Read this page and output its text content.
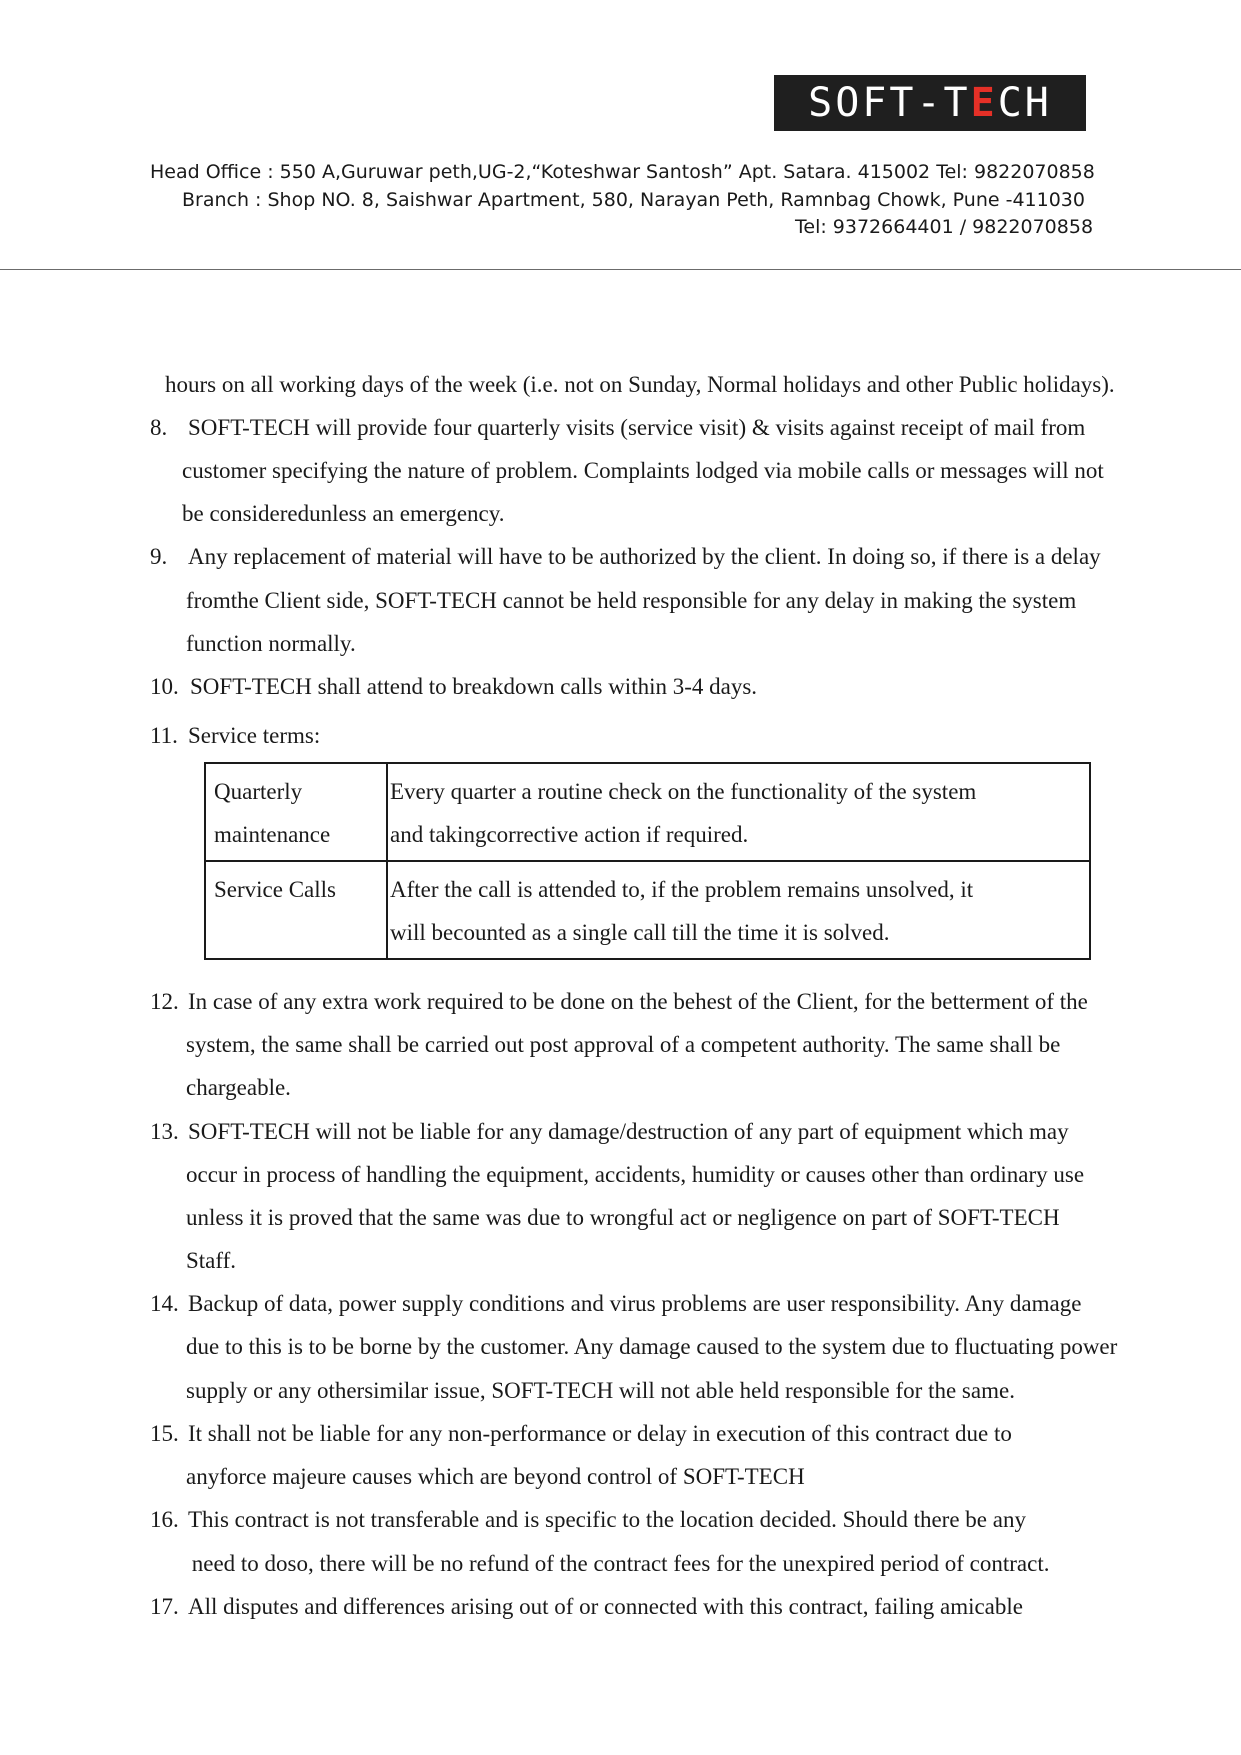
SOFT-TECH
Head Office : 550 A,Guruwar peth,UG-2,“Koteshwar Santosh” Apt. Satara. 415002 Tel: 9822070858
Branch : Shop NO. 8, Saishwar Apartment, 580, Narayan Peth, Ramnbag Chowk, Pune -411030
Tel: 9372664401 / 9822070858
hours on all working days of the week (i.e. not on Sunday, Normal holidays and other Public holidays).
8. SOFT-TECH will provide four quarterly visits (service visit) & visits against receipt of mail from
customer specifying the nature of problem. Complaints lodged via mobile calls or messages will not
be consideredunless an emergency.
9. Any replacement of material will have to be authorized by the client. In doing so, if there is a delay
fromthe Client side, SOFT-TECH cannot be held responsible for any delay in making the system
function normally.
10. SOFT-TECH shall attend to breakdown calls within 3-4 days.
11. Service terms:
Quarterly
maintenance	Every quarter a routine check on the functionality of the system
and takingcorrective action if required.

Service Calls	After the call is attended to, if the problem remains unsolved, it
will becounted as a single call till the time it is solved.
12. In case of any extra work required to be done on the behest of the Client, for the betterment of the
system, the same shall be carried out post approval of a competent authority. The same shall be
chargeable.
13. SOFT-TECH will not be liable for any damage/destruction of any part of equipment which may
occur in process of handling the equipment, accidents, humidity or causes other than ordinary use
unless it is proved that the same was due to wrongful act or negligence on part of SOFT-TECH
Staff.
14. Backup of data, power supply conditions and virus problems are user responsibility. Any damage
due to this is to be borne by the customer. Any damage caused to the system due to fluctuating power
supply or any othersimilar issue, SOFT-TECH will not able held responsible for the same.
15. It shall not be liable for any non-performance or delay in execution of this contract due to
anyforce majeure causes which are beyond control of SOFT-TECH
16. This contract is not transferable and is specific to the location decided. Should there be any
need to doso, there will be no refund of the contract fees for the unexpired period of contract.
17. All disputes and differences arising out of or connected with this contract, failing amicable
